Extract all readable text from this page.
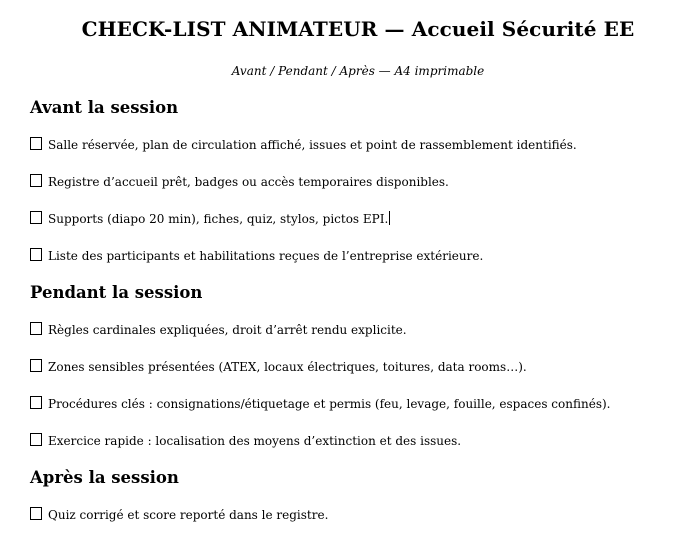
CHECK-LIST ANIMATEUR — Accueil Sécurité EE

Avant / Pendant / Après — A4 imprimable

Avant la session

Salle réservée, plan de circulation affiché, issues et point de rassemblement identifiés.

Registre d’accueil prêt, badges ou accès temporaires disponibles.

Supports (diapo 20 min), fiches, quiz, stylos, pictos EPI.

Liste des participants et habilitations reçues de l’entreprise extérieure.

Pendant la session

Règles cardinales expliquées, droit d’arrêt rendu explicite.

Zones sensibles présentées (ATEX, locaux électriques, toitures, data rooms…).

Procédures clés : consignations/étiquetage et permis (feu, levage, fouille, espaces confinés).

Exercice rapide : localisation des moyens d’extinction et des issues.

Après la session

Quiz corrigé et score reporté dans le registre.
